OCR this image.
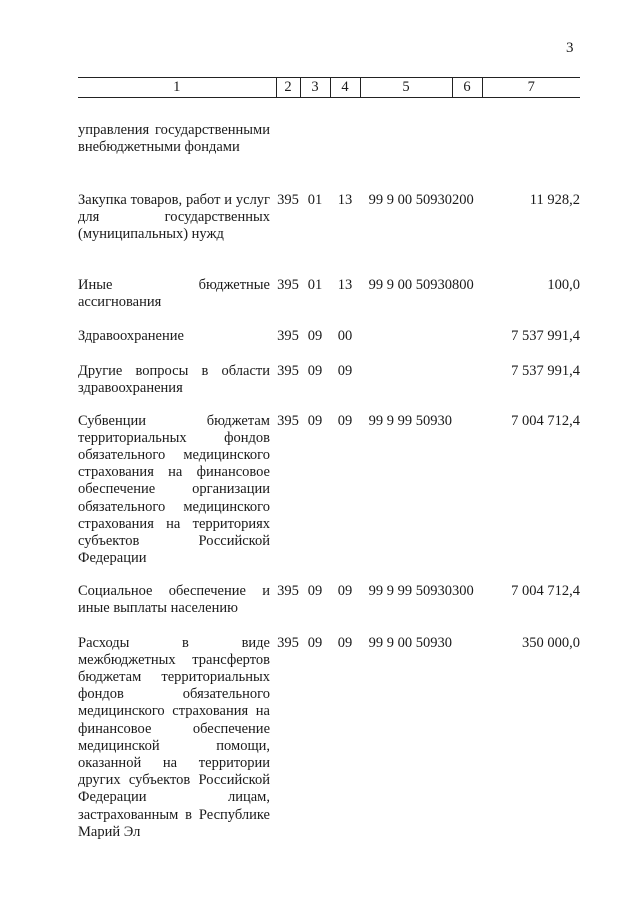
3
1	2	3	4	5	6	7
управления государственными внебюджетными фондами						
Закупка товаров, работ и услуг для государственных (муниципальных) нужд	395	01	13	99 9 00 50930	200	11 928,2
Иные бюджетные ассигнования	395	01	13	99 9 00 50930	800	100,0
Здравоохранение	395	09	00			7 537 991,4
Другие вопросы в области здравоохранения	395	09	09			7 537 991,4
Субвенции бюджетам территориальных фондов обязательного медицинского страхования на финансовое обеспечение организации обязательного медицинского страхования на территориях субъектов Российской Федерации	395	09	09	99 9 99 50930		7 004 712,4
Социальное обеспечение и иные выплаты населению	395	09	09	99 9 99 50930	300	7 004 712,4
Расходы в виде межбюджетных трансфертов бюджетам территориальных фондов обязательного медицинского страхования на финансовое обеспечение медицинской помощи, оказанной на территории других субъектов Российской Федерации лицам, застрахованным в Республике Марий Эл	395	09	09	99 9 00 50930		350 000,0
